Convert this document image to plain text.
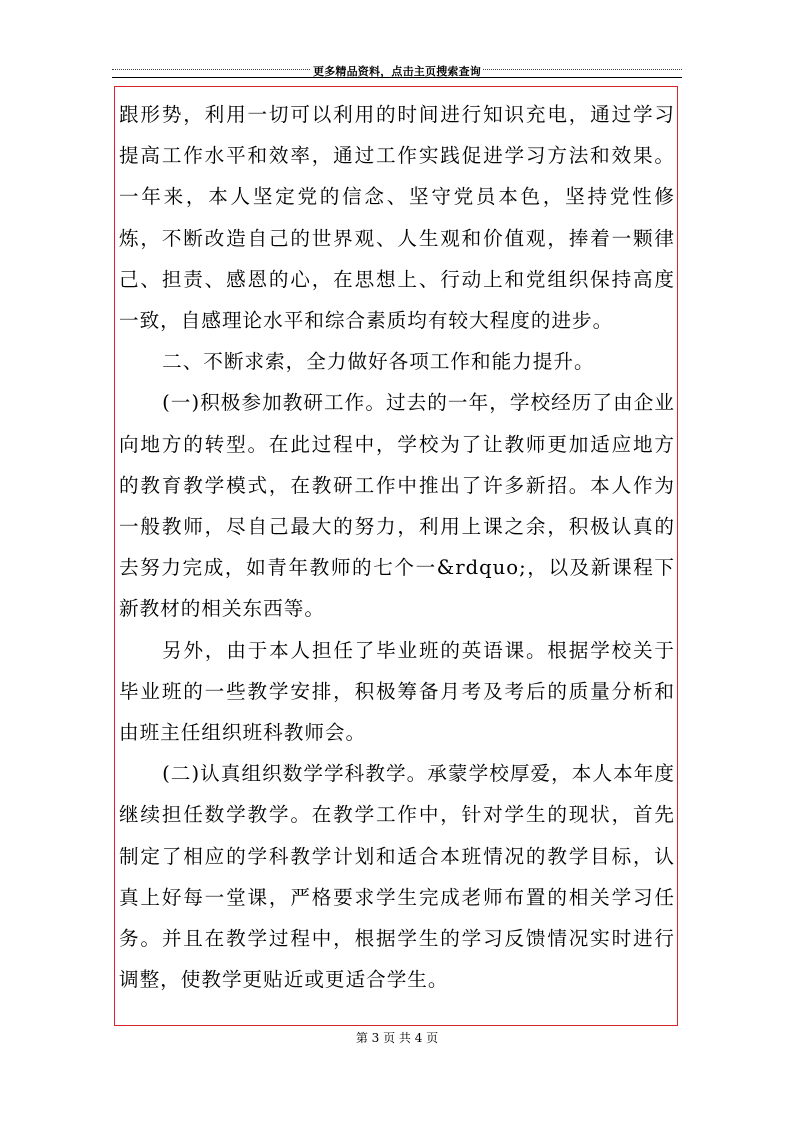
更多精品资料，点击主页搜索查询

跟形势，利用一切可以利用的时间进行知识充电，通过学习提高工作水平和效率，通过工作实践促进学习方法和效果。一年来，本人坚定党的信念、坚守党员本色，坚持党性修炼，不断改造自己的世界观、人生观和价值观，捧着一颗律己、担责、感恩的心，在思想上、行动上和党组织保持高度一致，自感理论水平和综合素质均有较大程度的进步。

二、不断求索，全力做好各项工作和能力提升。

(一)积极参加教研工作。过去的一年，学校经历了由企业向地方的转型。在此过程中，学校为了让教师更加适应地方的教育教学模式，在教研工作中推出了许多新招。本人作为一般教师，尽自己最大的努力，利用上课之余，积极认真的去努力完成，如青年教师的七个一&rdquo;，以及新课程下新教材的相关东西等。

另外，由于本人担任了毕业班的英语课。根据学校关于毕业班的一些教学安排，积极筹备月考及考后的质量分析和由班主任组织班科教师会。

(二)认真组织数学学科教学。承蒙学校厚爱，本人本年度继续担任数学教学。在教学工作中，针对学生的现状，首先制定了相应的学科教学计划和适合本班情况的教学目标，认真上好每一堂课，严格要求学生完成老师布置的相关学习任务。并且在教学过程中，根据学生的学习反馈情况实时进行调整，使教学更贴近或更适合学生。

第 3 页 共 4 页
